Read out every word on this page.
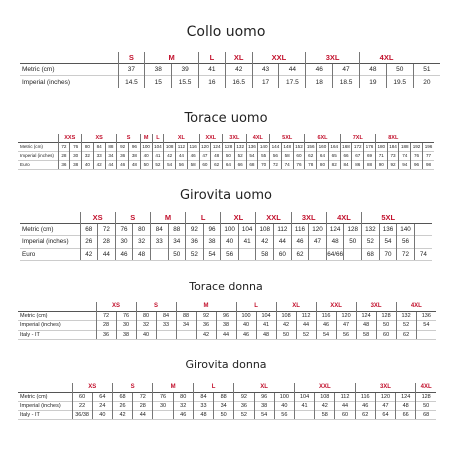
Collo uomo
	S	M		L	XL	XXL		3XL		4XL		
Metric (cm)	37	38	39	41	42	43	44	46	47	48	50	51
Imperial (inches)	14.5	15	15.5	16	16.5	17	17.5	18	18.5	19	19.5	20
Torace uomo
	XXS		XS			S		M	L	XL			XXL		3XL		4XL		5XL			6XL			7XL			8XL				
Metric (cm)	72	76	80	84	88	92	96	100	104	108	112	116	120	124	128	132	136	140	144	148	152	156	160	164	168	172	176	180	184	188	192	196
Imperial (inches)	28	30	32	33	34	36	38	40	41	42	44	46	47	48	50	52	54	55	56	58	60	62	64	65	66	67	69	71	73	74	76	77
Euro	36	38	40	42	44	46	48	50	52	54	56	58	60	62	64	66	68	70	72	74	76	78	80	82	84	86	88	90	92	94	96	98
Girovita uomo
	XS		S		M		L		XL		XXL		3XL		4XL		5XL			
Metric (cm)	68	72	76	80	84	88	92	96	100	104	108	112	116	120	124	128	132	136	140	
Imperial (inches)	26	28	30	32	33	34	36	38	40	41	42	44	46	47	48	50	52	54	56	
Euro	42	44	46	48		50	52	54	56		58	60	62		64/66		68	70	72	74
Torace donna
	XS		S		M			L		XL		XXL		3XL		4XL	
Metric (cm)	72	76	80	84	88	92	96	100	104	108	112	116	120	124	128	132	136
Imperial (inches)	28	30	32	33	34	36	38	40	41	42	44	46	47	48	50	52	54
Italy - IT	36	38	40			42	44	46	48	50	52	54	56	58	60	62	
Girovita donna
	XS		S		M		L		XL			XXL			3XL			4XL
Metric (cm)	60	64	68	72	76	80	84	88	92	96	100	104	108	112	116	120	124	128
Imperial (inches)	22	24	26	28	30	32	33	34	36	38	40	41	42	44	46	47	48	50
Italy - IT	36/38	40	42	44		46	48	50	52	54	56		58	60	62	64	66	68
